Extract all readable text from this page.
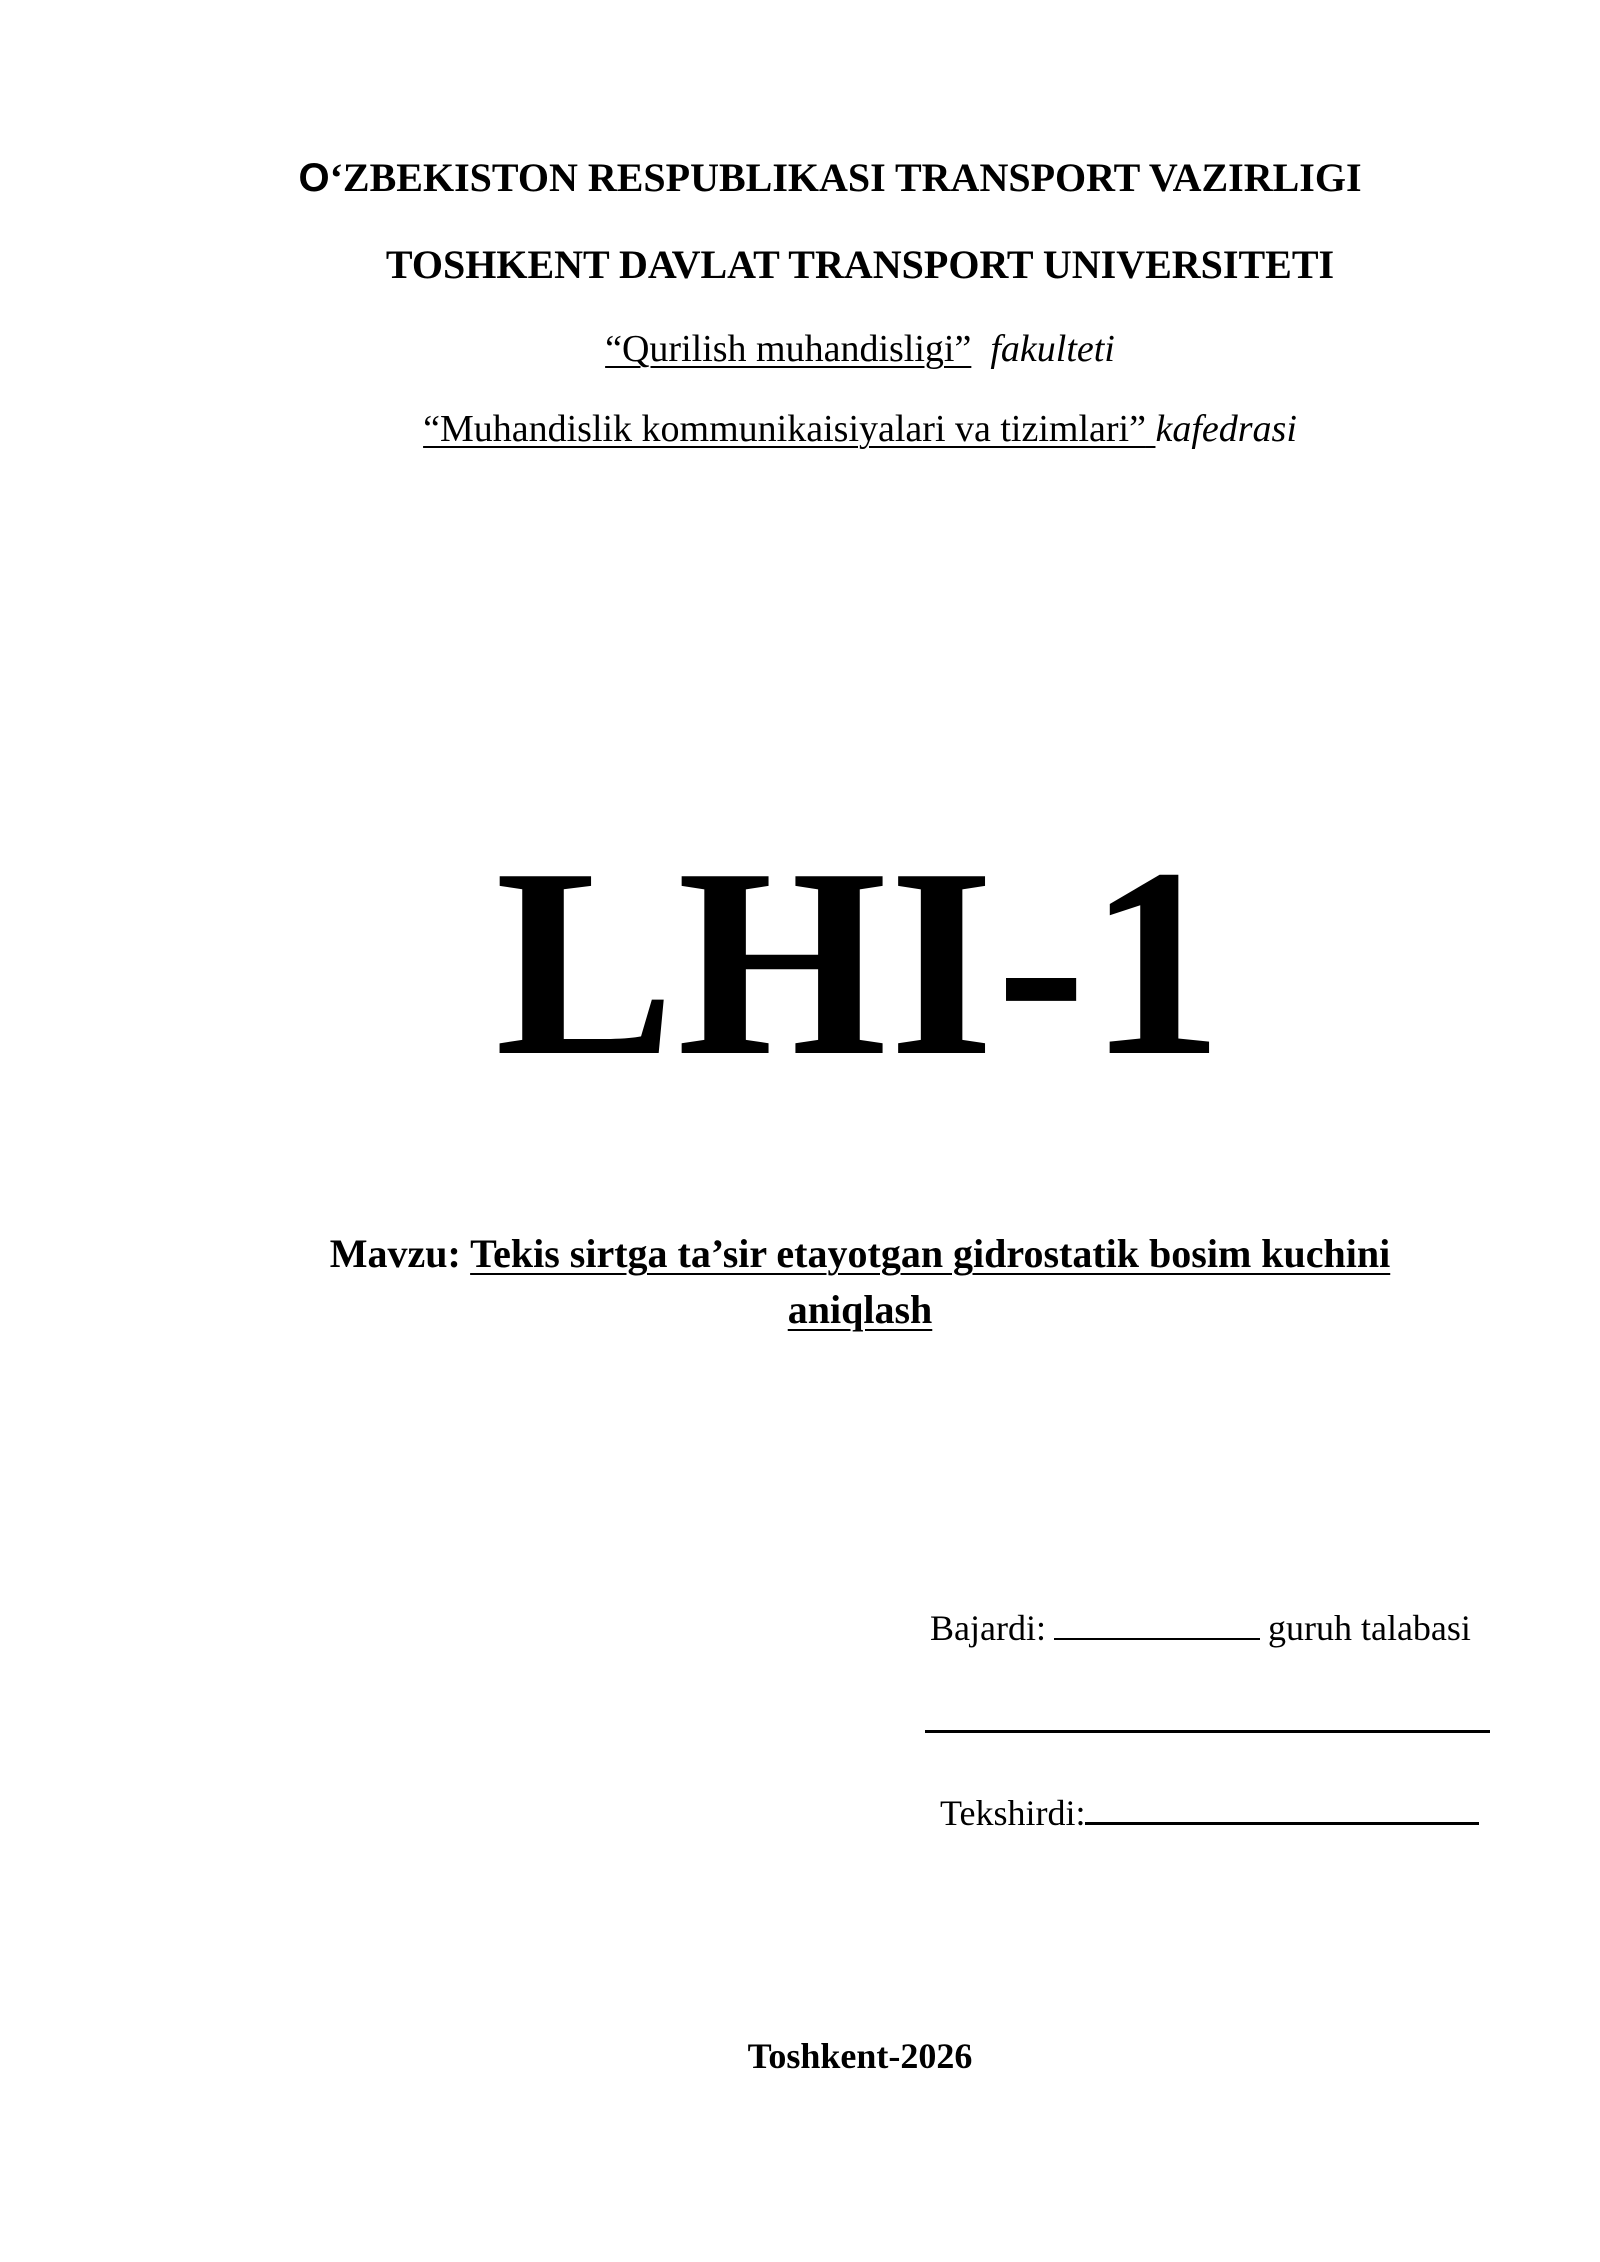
O‘ZBEKISTON RESPUBLIKASI TRANSPORT VAZIRLIGI
TOSHKENT DAVLAT TRANSPORT UNIVERSITETI
“Qurilish muhandisligi” fakulteti
“Muhandislik kommunikaisiyalari va tizimlari” kafedrasi
LHI-1
Mavzu: Tekis sirtga ta’sir etayotgan gidrostatik bosim kuchini aniqlash
Bajardi:	guruh talabasi
Tekshirdi:
Toshkent-2026
